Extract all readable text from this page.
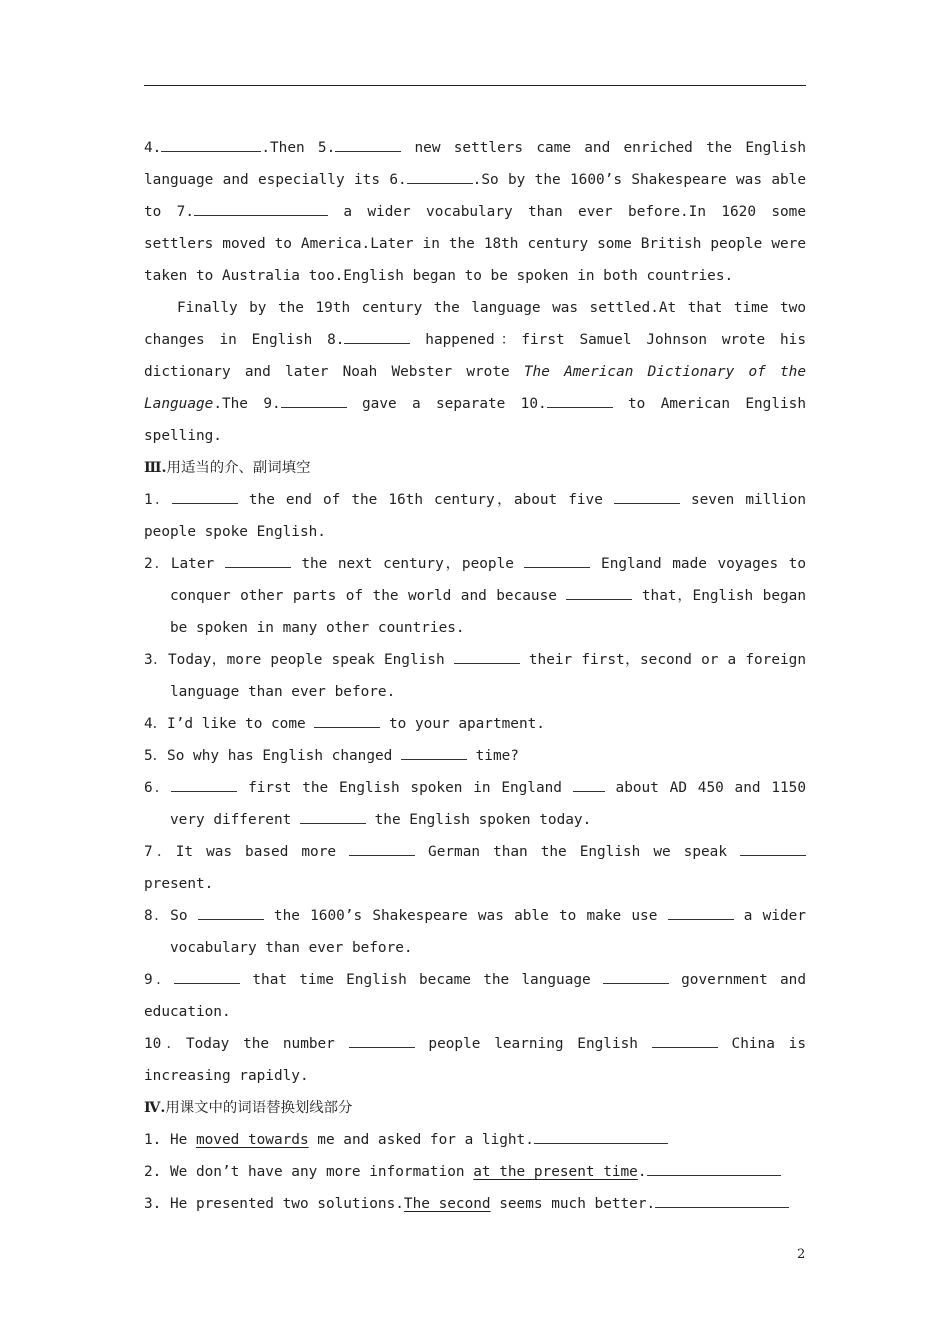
4.	.Then 5.	new settlers came and enriched the English
language and especially its 6.	.So by the 1600’s Shakespeare was able
to 7.	a wider vocabulary than ever before.In 1620 some
settlers moved to America.Later in the 18th century some British people were
taken to Australia too.English began to be spoken in both countries.
Finally by the 19th century the language was settled.At that time two
changes in English 8.	happened：first Samuel Johnson wrote his
dictionary and later Noah Webster wrote The American Dictionary of the
Language.The 9.	gave a separate 10.	to American English
spelling.
Ⅲ.用适当的介、副词填空
1．	the end of the 16th century，about five	seven million
people spoke English.
2．Later	the next century，people	England made voyages to
conquer other parts of the world and because	that，English began
be spoken in many other countries.
3．Today，more people speak English	their first，second or a foreign
language than ever before.
4．I’d like to come	to your apartment.
5．So why has English changed	time?
6．	first the English spoken in England	about AD 450 and 1150
very different	the English spoken today.
7．It was based more	German than the English we speak
present.
8．So	the 1600’s Shakespeare was able to make use	a wider
vocabulary than ever before.
9．	that time English became the language	government and
education.
10．Today the number	people learning English	China is
increasing rapidly.
Ⅳ.用课文中的词语替换划线部分
1. He moved towards me and asked for a light.
2. We don’t have any more information at the present time.
3. He presented two solutions.The second seems much better.
2
